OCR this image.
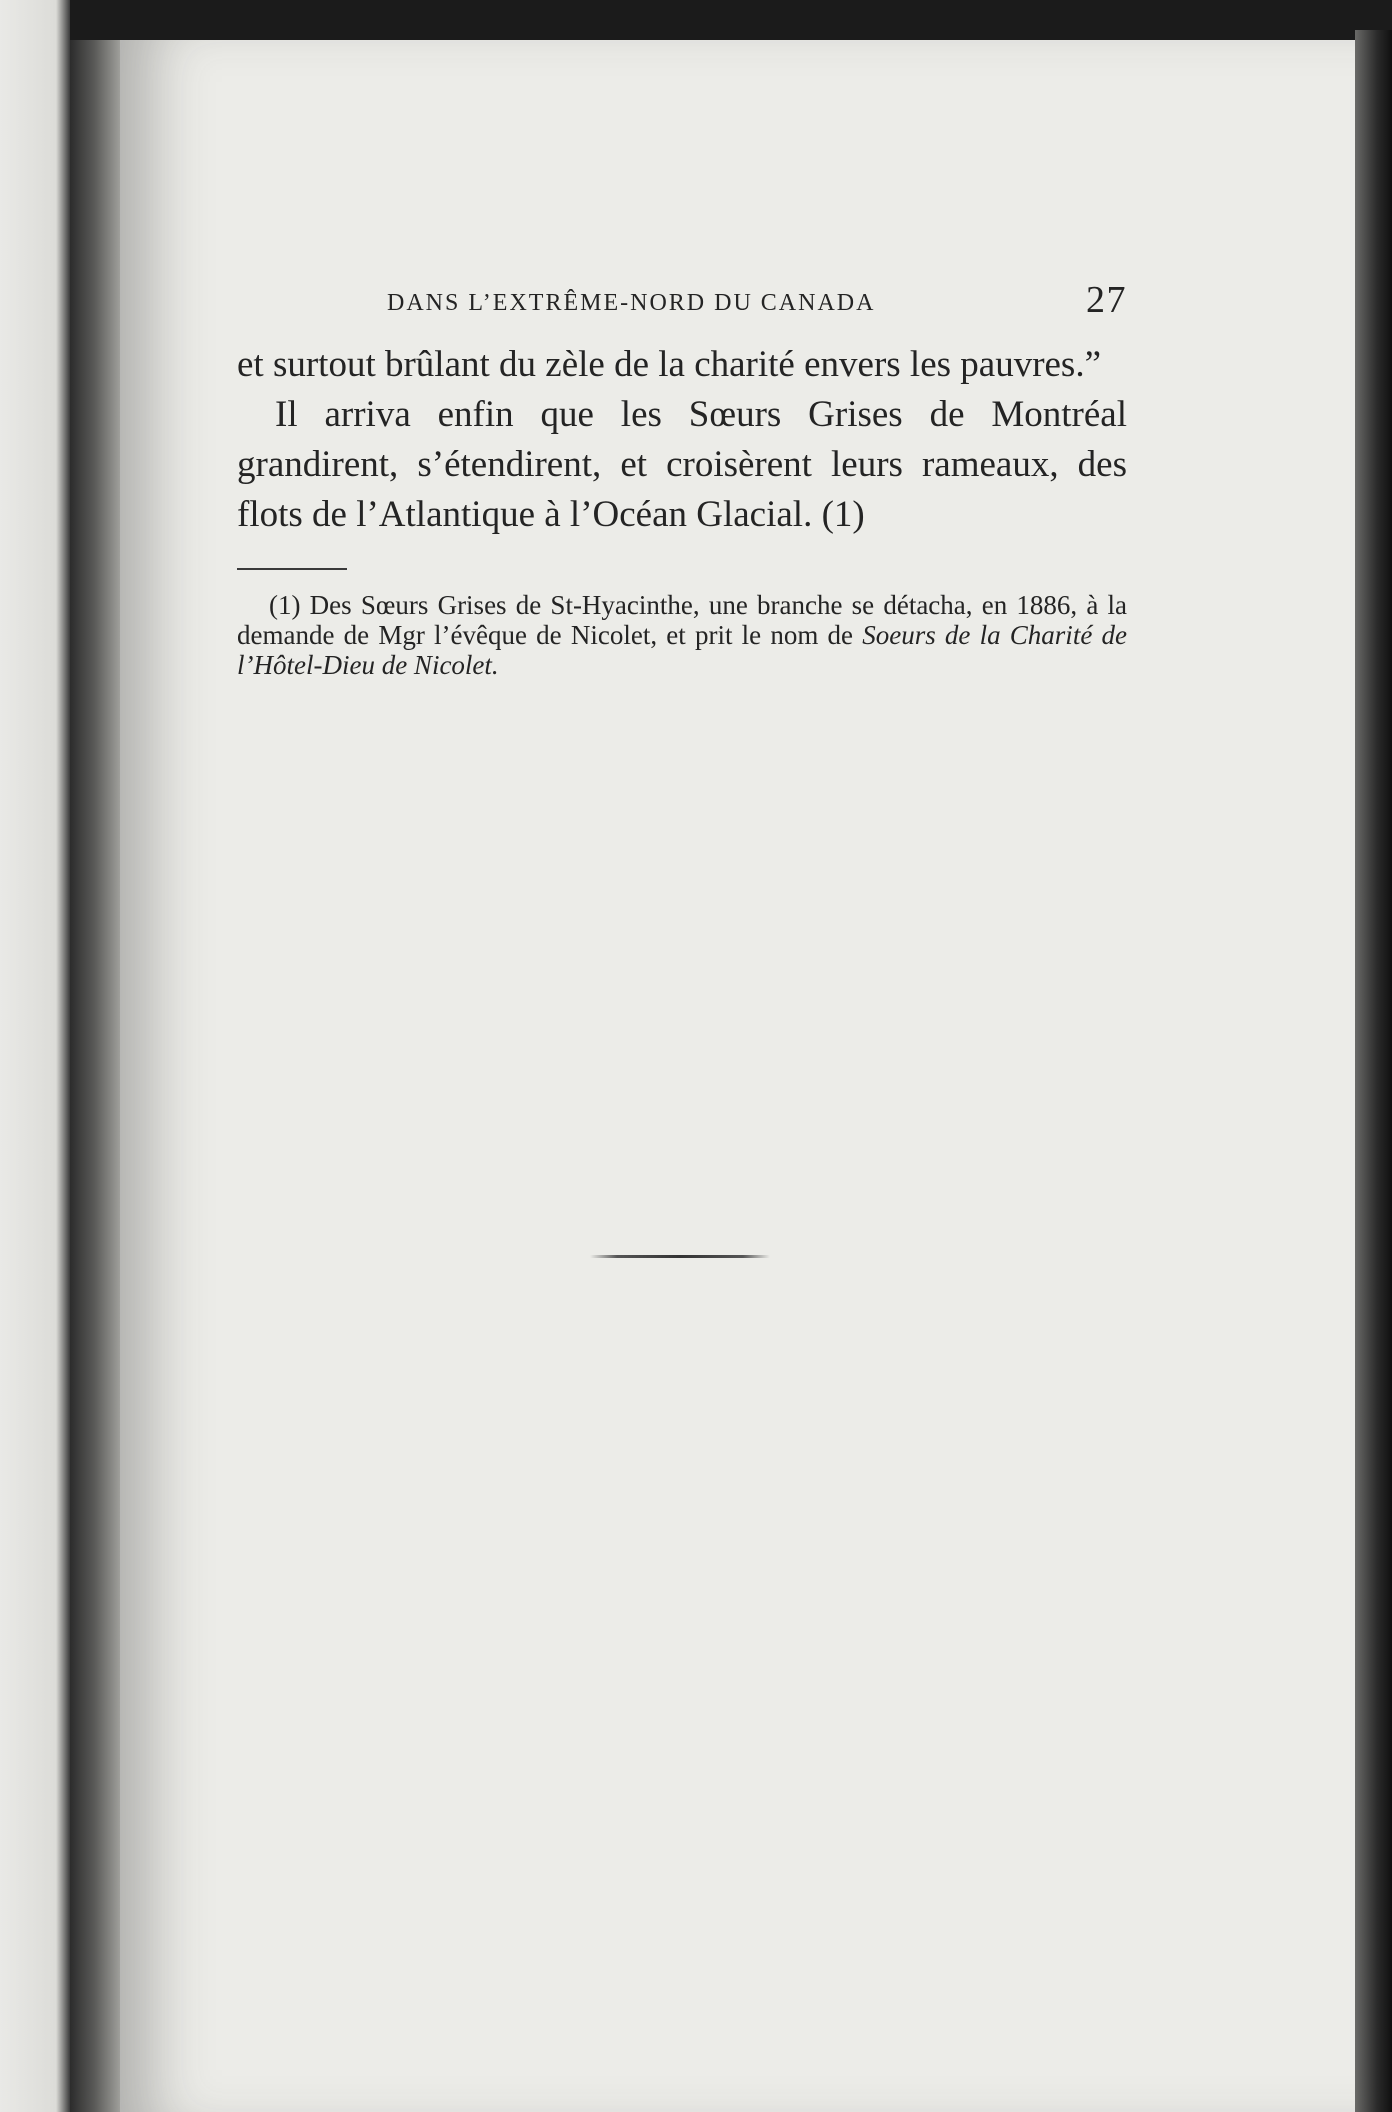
DANS L’EXTRÊME-NORD DU CANADA	27

et surtout brûlant du zèle de la charité envers les pauvres.”

Il arriva enfin que les Sœurs Grises de Montréal grandirent, s’étendirent, et croisèrent leurs rameaux, des flots de l’Atlantique à l’Océan Glacial. (1)

(1) Des Sœurs Grises de St-Hyacinthe, une branche se détacha, en 1886, à la demande de Mgr l’évêque de Nicolet, et prit le nom de Soeurs de la Charité de l’Hôtel-Dieu de Nicolet.
